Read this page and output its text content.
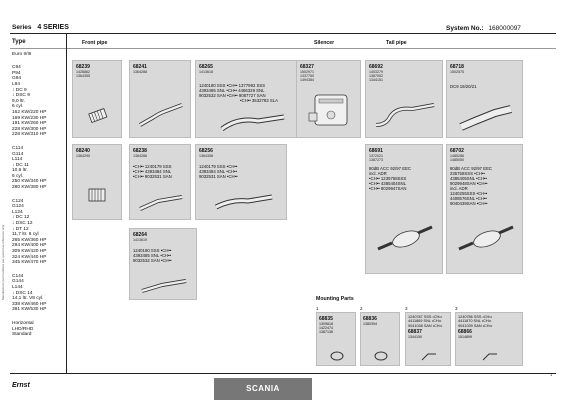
Series 4 SERIES	System No.: 168000097
Manufacturer part numbers are quoted as reference only
Type
Euro II/III
C94
P94
G94
L94
↓ DC 9
↓ DSC 9
9,0 ltr.
6 cyl.
162 KW/220 HP
169 KW/230 HP
191 KW/260 HP
228 KW/300 HP
228 KW/310 HP
C114
G114
L114
↓ DC 11
10,6 ltr.
6 cyl.
250 KW/340 HP
280 KW/380 HP
C124
G124
L124
↓ DC 12
↓ DSC 12
↓ DT 12
11,7 ltr. 6 cyl
265 KW/360 HP
294 KW/400 HP
309 KW/420 HP
324 KW/440 HP
345 KW/470 HP
C144
G144
L144
↓ DSC 14
14,1 ltr. V8 cyl.
338 KW/460 HP
391 KW/530 HP
Horizontal
LHD/RHD
Standard
Front pipe	Silencer	Tail pipe
68239
1428862
1364355
68241
1364288
68265
1413618
1240180 SSS •CH•• 1377992 SSS
4393485 SNL •CH•• 4466329 SNL
9032532 SAN •CH•• 9087727 SAN
•CH•• 3532783 SLA
68327
1502971
1337750
1494384
68692
1403279
1387052
1344151
68718
1502575
DC9 19/20/21
68240
1364290
68238
1364286
•CH•• 1240179 SSS
•CH•• 4393484 SNL
•CH•• 9032531 SAN
68256
1364358
1240179 SSS •CH••
4393484 SNL •CH••
9032531 SAN •CH••
68691
1372021
1387273
80dB ACC 92/97 EEC
incl. ADR
•CH•• 1235758SSS
•CH•• 4385404SNL
•CH•• 9029947SAN
68702
1485286
1485050
80dB ACC 92/97 EEC
235758SSS •CH••
4385405SNL •CH••
9029948SAN •CH••
incl. ADR
1240255SSS •CH••
4408576SNL •CH••
9040439SAN •CH••
68264
1413619
1240180 SSS •CH••
4393485 SNL •CH••
9032532 SAN •CH••
Mounting Parts
1
68835
1309818
1422474
1387136
2
68836
1380394
3
1240787 SSS •CH••
4411869 SNL •CH••
9041038 SAN •CH••
68837
1344150
3
1240786 SSS •CH••
4411870 SNL •CH••
9041039 SAN •CH••
68866
1514899
Ernst	SCANIA
1
